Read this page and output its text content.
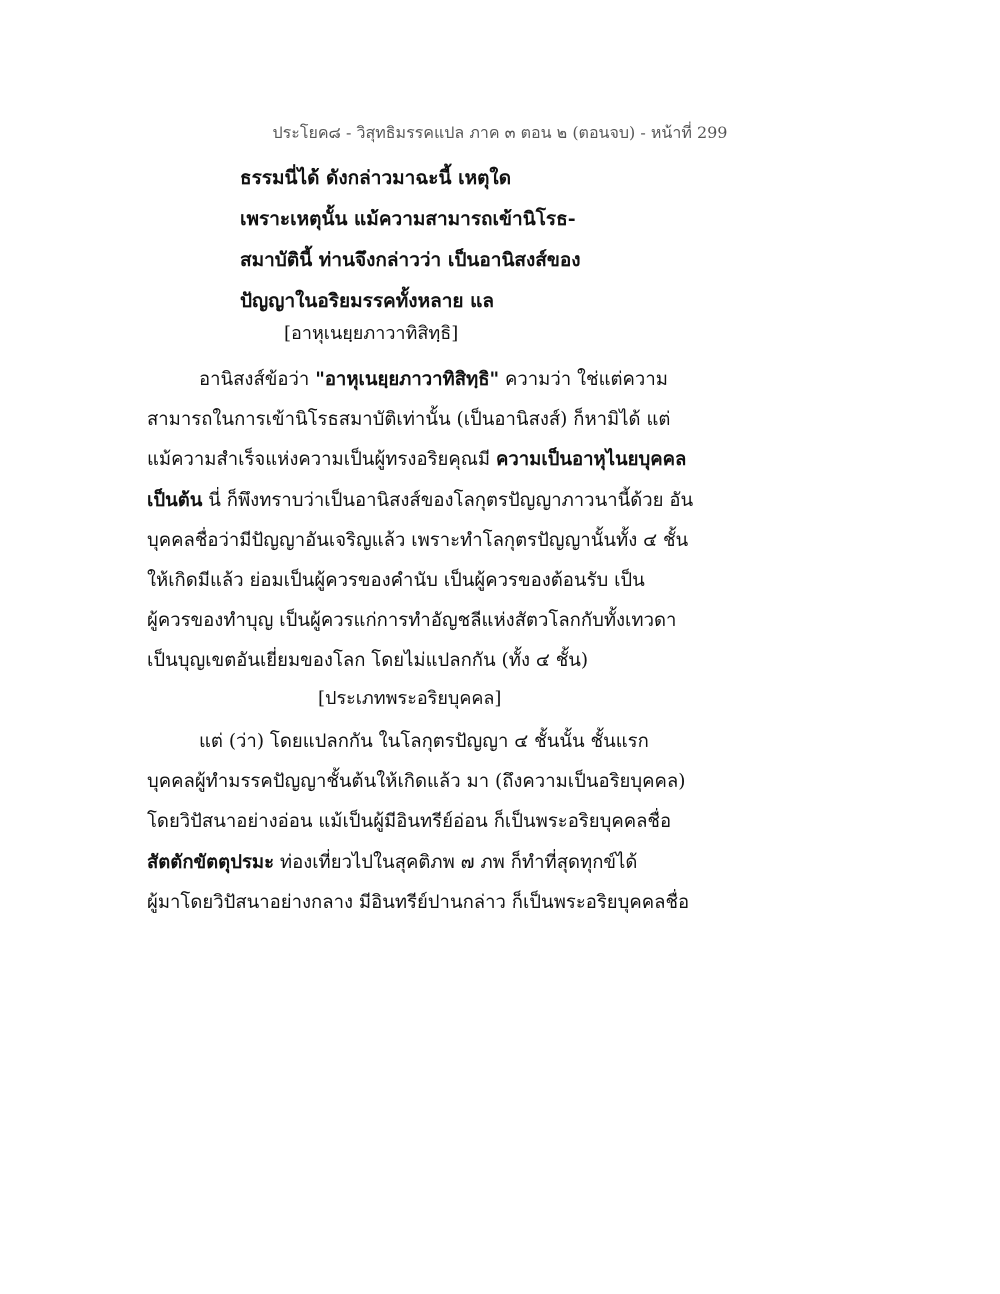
ประโยค๘ - วิสุทธิมรรคแปล ภาค ๓ ตอน ๒ (ตอนจบ) - หน้าที่ 299
ธรรมนี่ได้ ดังกล่าวมาฉะนี้ เหตุใด
เพราะเหตุนั้น แม้ความสามารถเข้านิโรธ-
สมาบัตินี้ ท่านจึงกล่าวว่า เป็นอานิสงส์ของ
ปัญญาในอริยมรรคทั้งหลาย แล
[อาหุเนยฺยภาวาทิสิทฺธิ]
อานิสงส์ข้อว่า "อาหุเนยฺยภาวาทิสิทฺธิ" ความว่า ใช่แต่ความ
สามารถในการเข้านิโรธสมาบัติเท่านั้น (เป็นอานิสงส์) ก็หามิได้ แต่
แม้ความสำเร็จแห่งความเป็นผู้ทรงอริยคุณมี ความเป็นอาหุไนยบุคคล
เป็นต้น นี่ ก็พึงทราบว่าเป็นอานิสงส์ของโลกุตรปัญญาภาวนานี้ด้วย อัน
บุคคลชื่อว่ามีปัญญาอันเจริญแล้ว เพราะทำโลกุตรปัญญานั้นทั้ง ๔ ชั้น
ให้เกิดมีแล้ว ย่อมเป็นผู้ควรของคำนับ เป็นผู้ควรของต้อนรับ เป็น
ผู้ควรของทำบุญ เป็นผู้ควรแก่การทำอัญชลีแห่งสัตวโลกกับทั้งเทวดา
เป็นบุญเขตอันเยี่ยมของโลก โดยไม่แปลกกัน (ทั้ง ๔ ชั้น)
[ประเภทพระอริยบุคคล]
แต่ (ว่า) โดยแปลกกัน ในโลกุตรปัญญา ๔ ชั้นนั้น ชั้นแรก
บุคคลผู้ทำมรรคปัญญาชั้นต้นให้เกิดแล้ว มา (ถึงความเป็นอริยบุคคล)
โดยวิปัสนาอย่างอ่อน แม้เป็นผู้มีอินทรีย์อ่อน ก็เป็นพระอริยบุคคลชื่อ
สัตตักขัตตุปรมะ ท่องเที่ยวไปในสุคติภพ ๗ ภพ ก็ทำที่สุดทุกข์ได้
ผู้มาโดยวิปัสนาอย่างกลาง มีอินทรีย์ปานกล่าว ก็เป็นพระอริยบุคคลชื่อ
